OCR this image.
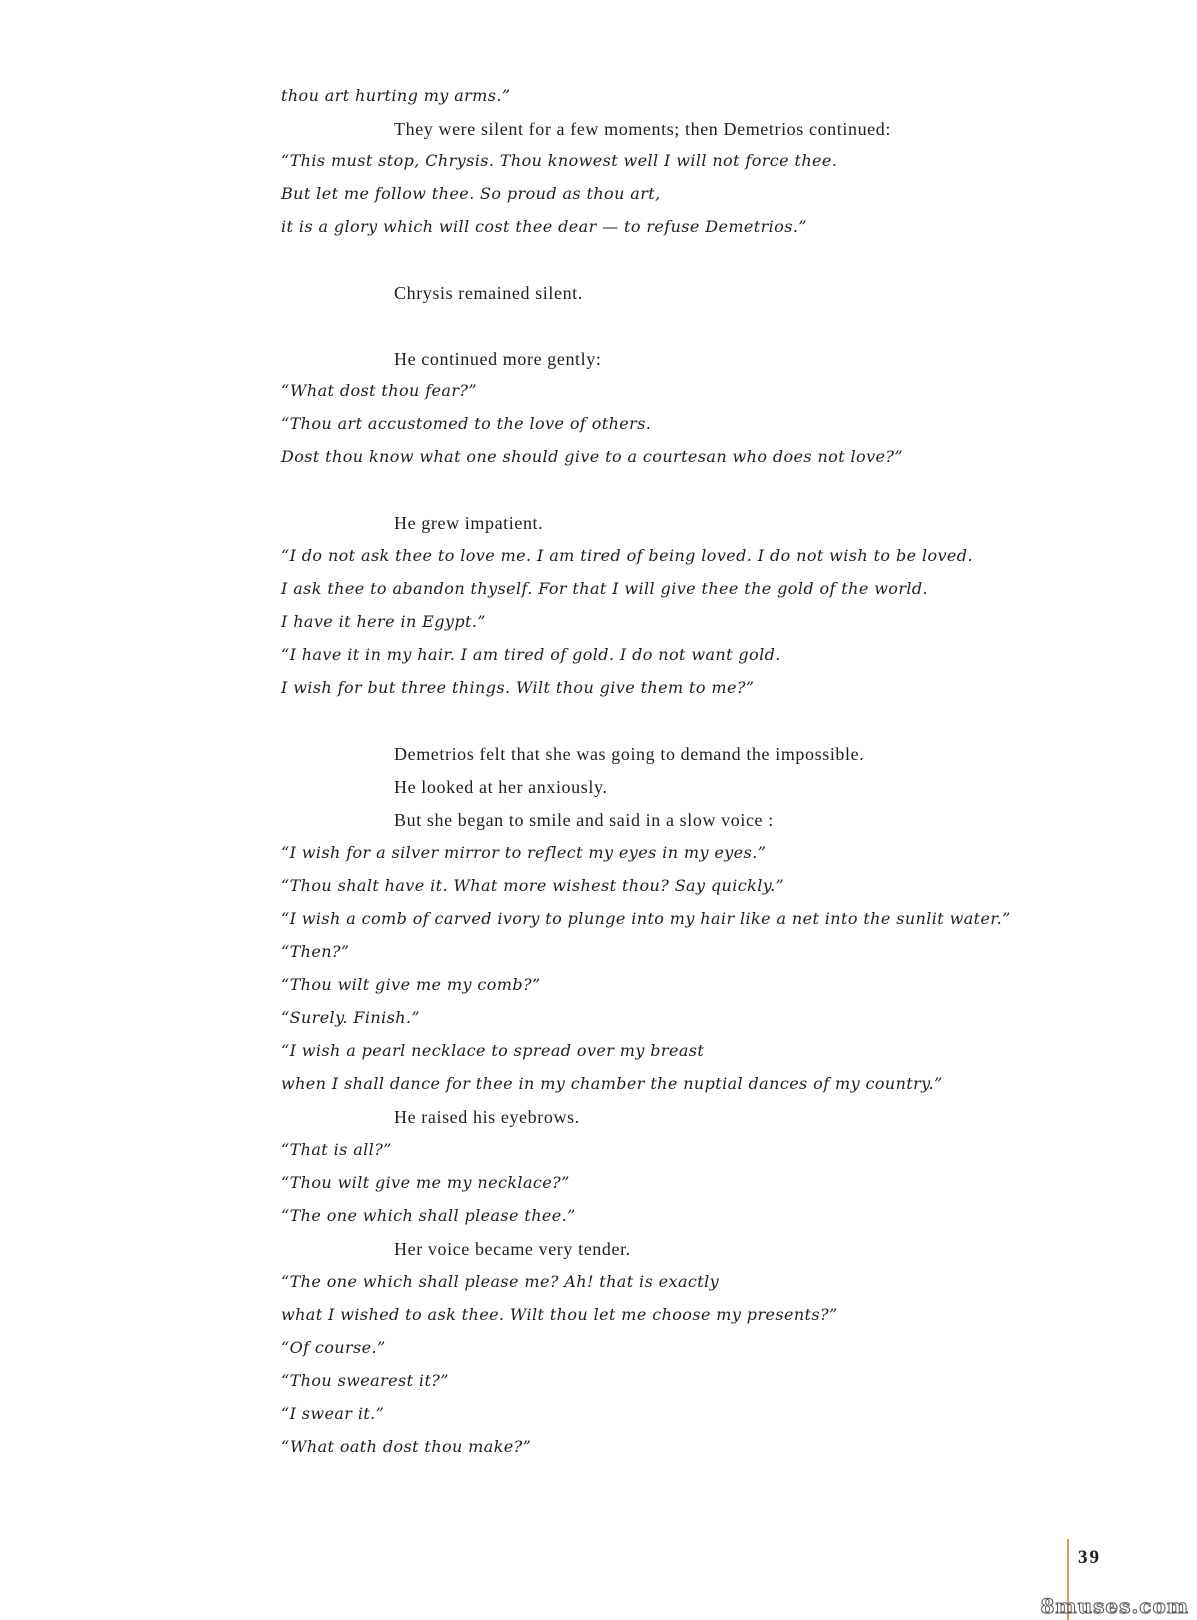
thou art hurting my arms.”
They were silent for a few moments; then Demetrios continued:
“This must stop, Chrysis. Thou knowest well I will not force thee.
But let me follow thee. So proud as thou art,
it is a glory which will cost thee dear — to refuse Demetrios.”
Chrysis remained silent.
He continued more gently:
“What dost thou fear?”
“Thou art accustomed to the love of others.
Dost thou know what one should give to a courtesan who does not love?”
He grew impatient.
“I do not ask thee to love me. I am tired of being loved. I do not wish to be loved.
I ask thee to abandon thyself. For that I will give thee the gold of the world.
I have it here in Egypt.”
“I have it in my hair. I am tired of gold. I do not want gold.
I wish for but three things. Wilt thou give them to me?”
Demetrios felt that she was going to demand the impossible.
He looked at her anxiously.
But she began to smile and said in a slow voice :
“I wish for a silver mirror to reflect my eyes in my eyes.”
“Thou shalt have it. What more wishest thou? Say quickly.”
“I wish a comb of carved ivory to plunge into my hair like a net into the sunlit water.”
“Then?”
“Thou wilt give me my comb?”
“Surely. Finish.”
“I wish a pearl necklace to spread over my breast
when I shall dance for thee in my chamber the nuptial dances of my country.”
He raised his eyebrows.
“That is all?”
“Thou wilt give me my necklace?”
“The one which shall please thee.”
Her voice became very tender.
“The one which shall please me? Ah! that is exactly
what I wished to ask thee. Wilt thou let me choose my presents?”
“Of course.”
“Thou swearest it?”
“I swear it.”
“What oath dost thou make?”
39
8muses.com
